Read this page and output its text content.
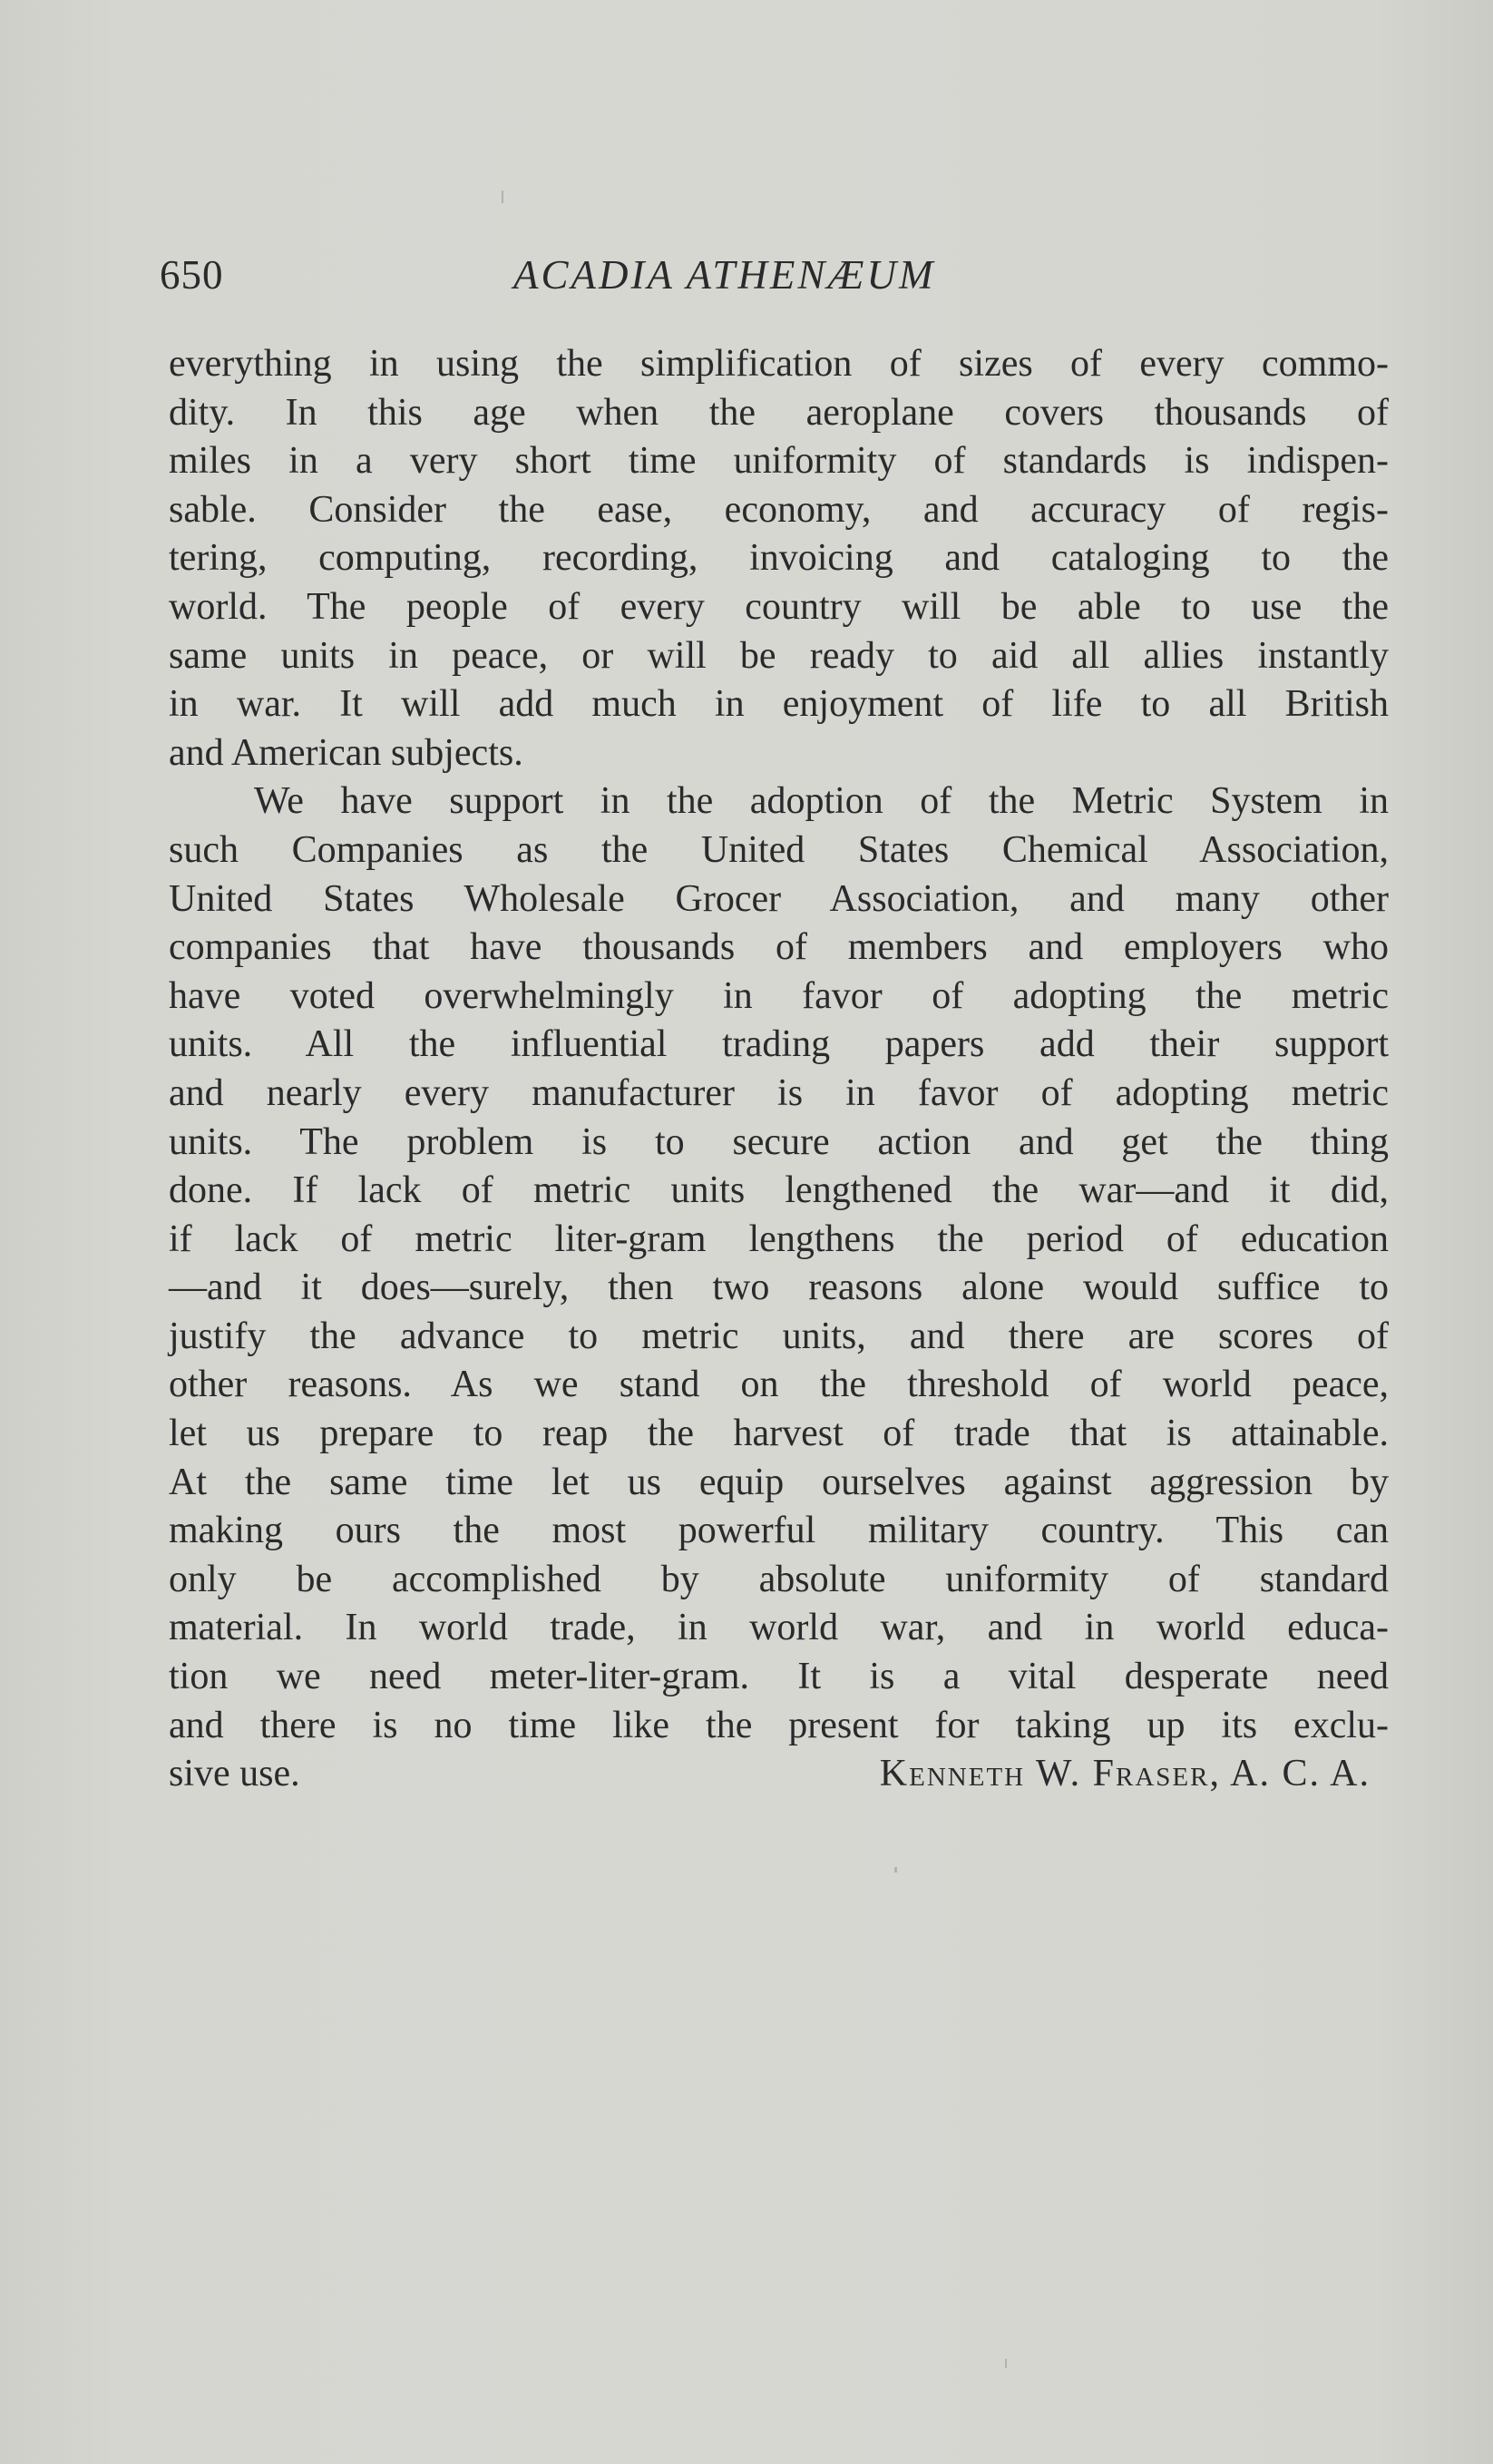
650	ACADIA ATHENÆUM
everything in using the simplification of sizes of every commo-
dity. In this age when the aeroplane covers thousands of
miles in a very short time uniformity of standards is indispen-
sable. Consider the ease, economy, and accuracy of regis-
tering, computing, recording, invoicing and cataloging to the
world. The people of every country will be able to use the
same units in peace, or will be ready to aid all allies instantly
in war. It will add much in enjoyment of life to all British
and American subjects.
We have support in the adoption of the Metric System in
such Companies as the United States Chemical Association,
United States Wholesale Grocer Association, and many other
companies that have thousands of members and employers who
have voted overwhelmingly in favor of adopting the metric
units. All the influential trading papers add their support
and nearly every manufacturer is in favor of adopting metric
units. The problem is to secure action and get the thing
done. If lack of metric units lengthened the war—and it did,
if lack of metric liter-gram lengthens the period of education
—and it does—surely, then two reasons alone would suffice to
justify the advance to metric units, and there are scores of
other reasons. As we stand on the threshold of world peace,
let us prepare to reap the harvest of trade that is attainable.
At the same time let us equip ourselves against aggression by
making ours the most powerful military country. This can
only be accomplished by absolute uniformity of standard
material. In world trade, in world war, and in world educa-
tion we need meter-liter-gram. It is a vital desperate need
and there is no time like the present for taking up its exclu-
sive use.	Kenneth W. Fraser, A. C. A.
